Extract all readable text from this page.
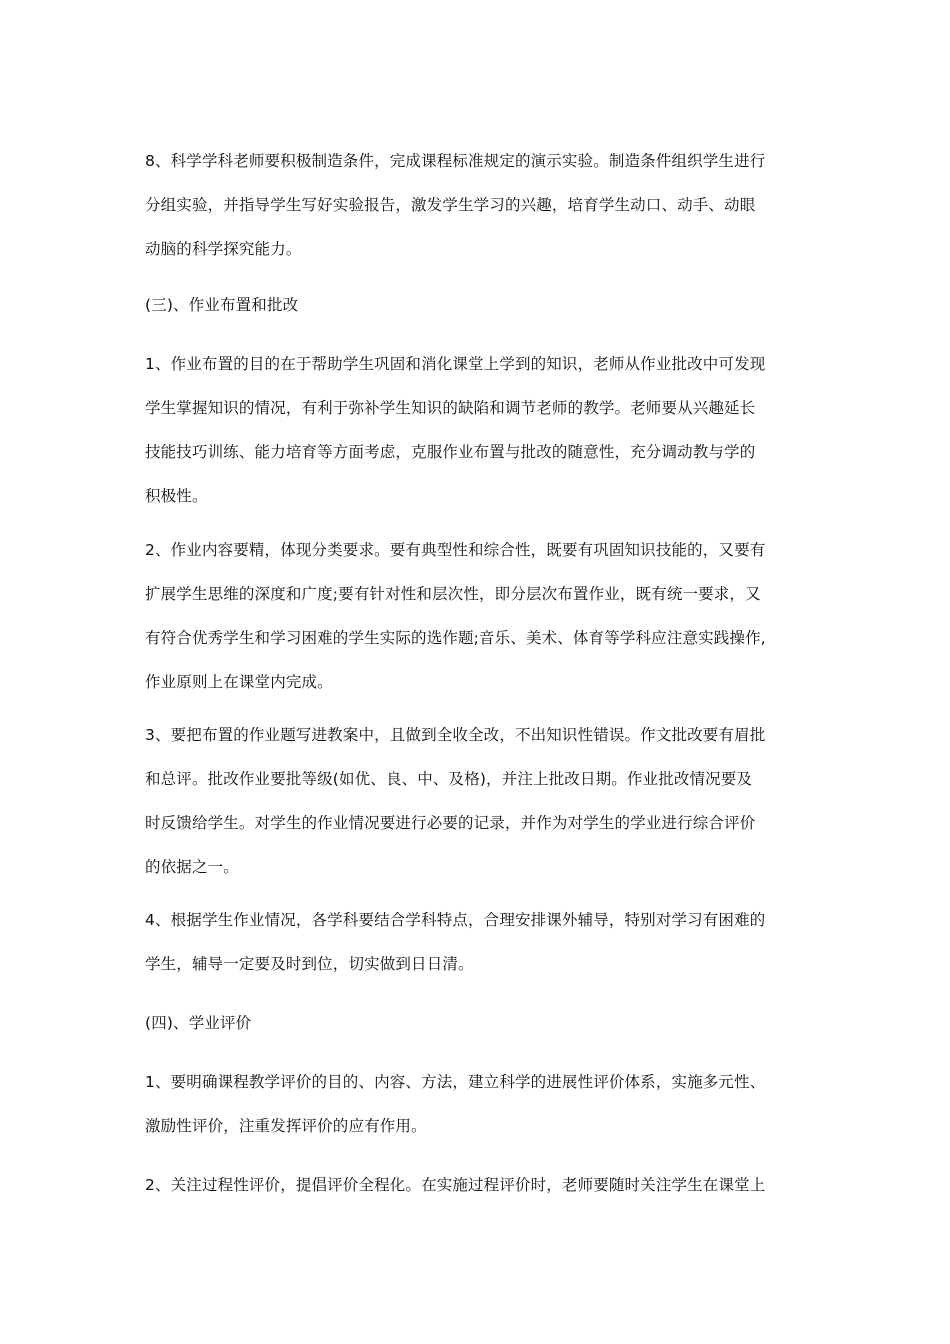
8、科学学科老师要积极制造条件，完成课程标准规定的演示实验。制造条件组织学生进行
分组实验，并指导学生写好实验报告，激发学生学习的兴趣，培育学生动口、动手、动眼
动脑的科学探究能力。
(三)、作业布置和批改
1、作业布置的目的在于帮助学生巩固和消化课堂上学到的知识，老师从作业批改中可发现
学生掌握知识的情况，有利于弥补学生知识的缺陷和调节老师的教学。老师要从兴趣延长
技能技巧训练、能力培育等方面考虑，克服作业布置与批改的随意性，充分调动教与学的
积极性。
2、作业内容要精，体现分类要求。要有典型性和综合性，既要有巩固知识技能的，又要有
扩展学生思维的深度和广度;要有针对性和层次性，即分层次布置作业，既有统一要求，又
有符合优秀学生和学习困难的学生实际的选作题;音乐、美术、体育等学科应注意实践操作,
作业原则上在课堂内完成。
3、要把布置的作业题写进教案中，且做到全收全改，不出知识性错误。作文批改要有眉批
和总评。批改作业要批等级(如优、良、中、及格)，并注上批改日期。作业批改情况要及
时反馈给学生。对学生的作业情况要进行必要的记录，并作为对学生的学业进行综合评价
的依据之一。
4、根据学生作业情况，各学科要结合学科特点，合理安排课外辅导，特别对学习有困难的
学生，辅导一定要及时到位，切实做到日日清。
(四)、学业评价
1、要明确课程教学评价的目的、内容、方法，建立科学的进展性评价体系，实施多元性、
激励性评价，注重发挥评价的应有作用。
2、关注过程性评价，提倡评价全程化。在实施过程评价时，老师要随时关注学生在课堂上
